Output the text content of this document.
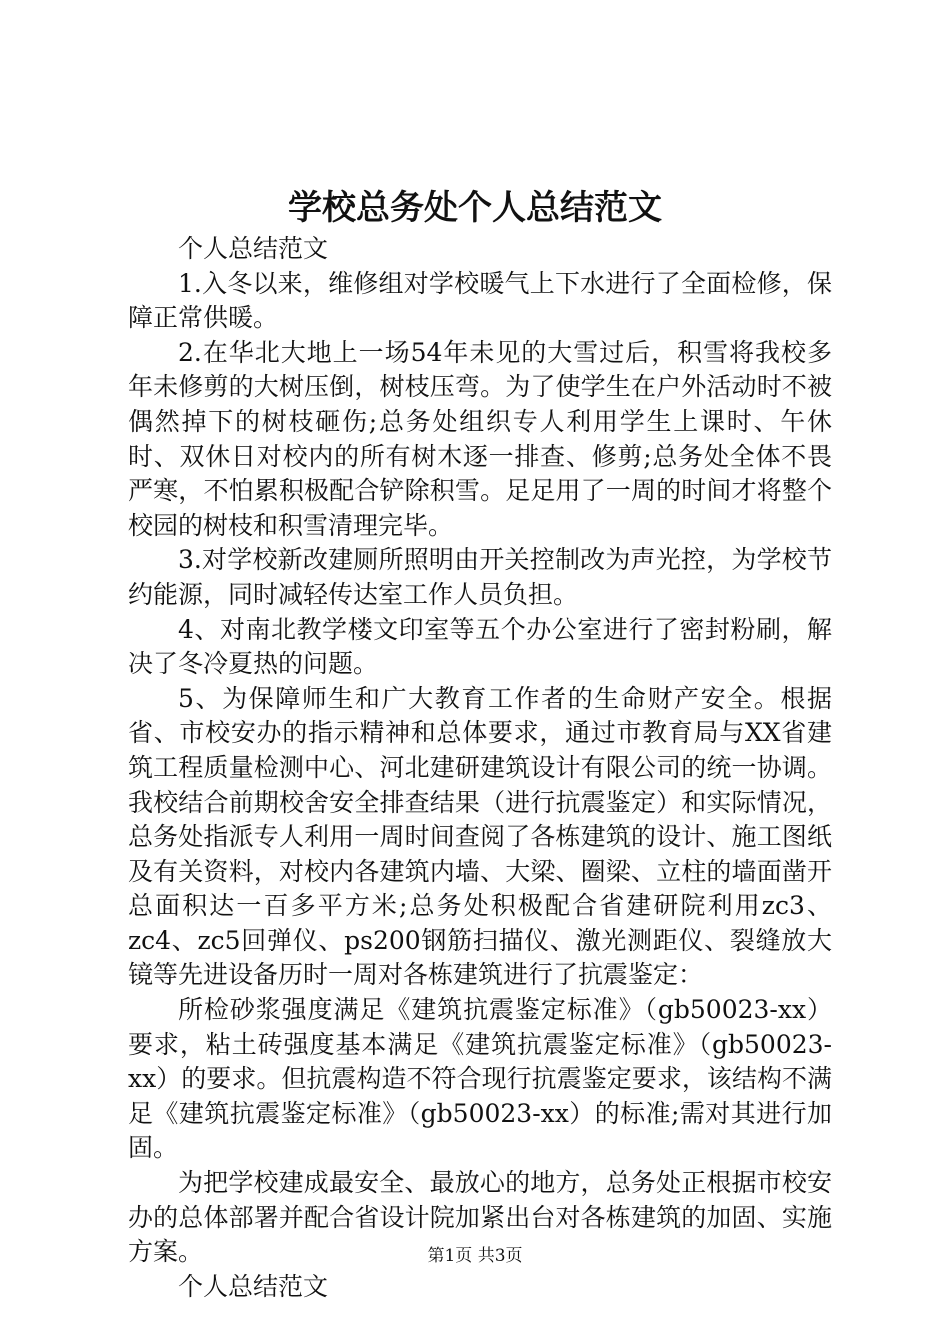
学校总务处个人总结范文

个人总结范文

1.入冬以来，维修组对学校暖气上下水进行了全面检修，保障正常供暖。

2.在华北大地上一场54年未见的大雪过后，积雪将我校多年未修剪的大树压倒，树枝压弯。为了使学生在户外活动时不被偶然掉下的树枝砸伤;总务处组织专人利用学生上课时、午休时、双休日对校内的所有树木逐一排查、修剪;总务处全体不畏严寒，不怕累积极配合铲除积雪。足足用了一周的时间才将整个校园的树枝和积雪清理完毕。

3.对学校新改建厕所照明由开关控制改为声光控，为学校节约能源，同时减轻传达室工作人员负担。

4、对南北教学楼文印室等五个办公室进行了密封粉刷，解决了冬冷夏热的问题。

5、为保障师生和广大教育工作者的生命财产安全。根据省、市校安办的指示精神和总体要求，通过市教育局与XX省建筑工程质量检测中心、河北建研建筑设计有限公司的统一协调。我校结合前期校舍安全排查结果（进行抗震鉴定）和实际情况，总务处指派专人利用一周时间查阅了各栋建筑的设计、施工图纸及有关资料，对校内各建筑内墙、大梁、圈梁、立柱的墙面凿开总面积达一百多平方米;总务处积极配合省建研院利用zc3、zc4、zc5回弹仪、ps200钢筋扫描仪、激光测距仪、裂缝放大镜等先进设备历时一周对各栋建筑进行了抗震鉴定：

所检砂浆强度满足《建筑抗震鉴定标准》（gb50023-xx）要求，粘土砖强度基本满足《建筑抗震鉴定标准》（gb50023-xx）的要求。但抗震构造不符合现行抗震鉴定要求，该结构不满足《建筑抗震鉴定标准》（gb50023-xx）的标准;需对其进行加固。

为把学校建成最安全、最放心的地方，总务处正根据市校安办的总体部署并配合省设计院加紧出台对各栋建筑的加固、实施方案。

个人总结范文

第1页 共3页
